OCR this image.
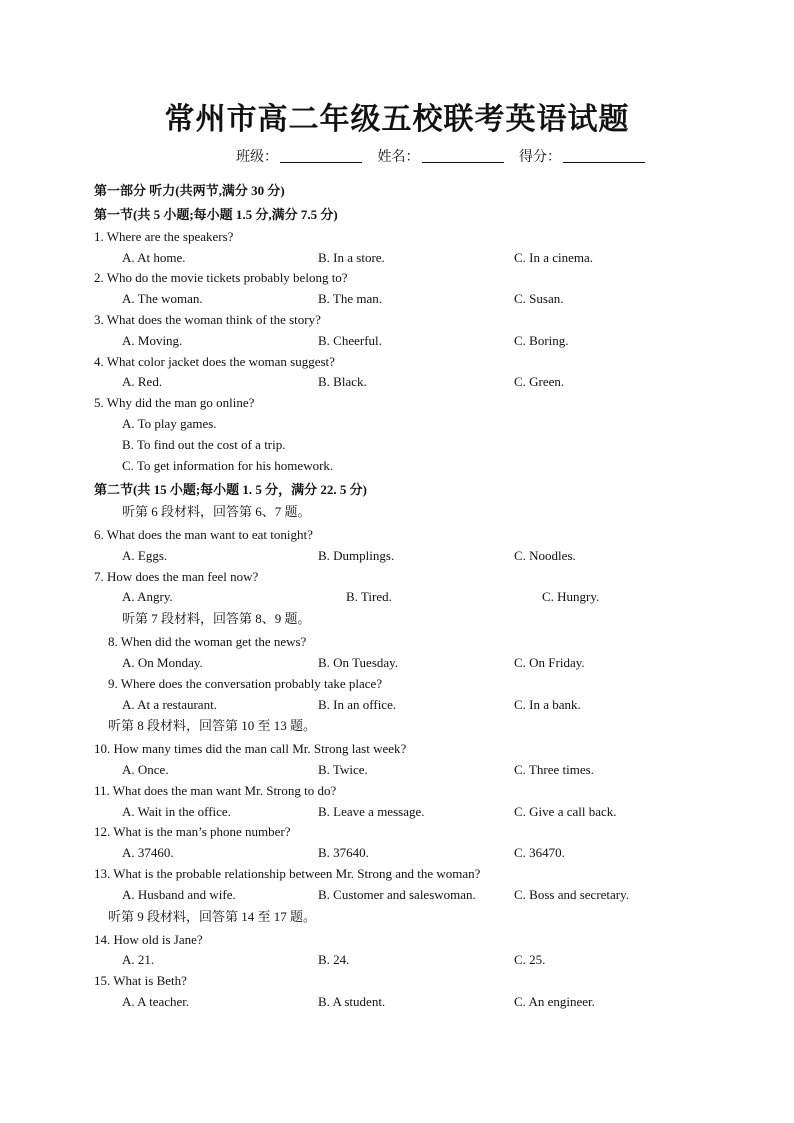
常州市高二年级五校联考英语试题
班级：	姓名：	得分：
第一部分 听力(共两节,满分 30 分)
第一节(共 5 小题;每小题 1.5 分,满分 7.5 分)
1. Where are the speakers?
A. At home.	B. In a store.	C. In a cinema.
2. Who do the movie tickets probably belong to?
A. The woman.	B. The man.	C. Susan.
3. What does the woman think of the story?
A. Moving.	B. Cheerful.	C. Boring.
4. What color jacket does the woman suggest?
A. Red.	B. Black.	C. Green.
5. Why did the man go online?
A. To play games.
B. To find out the cost of a trip.
C. To get information for his homework.
第二节(共 15 小题;每小题 1. 5 分，满分 22. 5 分)
听第 6 段材料，回答第 6、7 题。
6. What does the man want to eat tonight?
A. Eggs.	B. Dumplings.	C. Noodles.
7. How does the man feel now?
A. Angry.	B. Tired.	C. Hungry.
听第 7 段材料，回答第 8、9 题。
8. When did the woman get the news?
A. On Monday.	B. On Tuesday.	C. On Friday.
9. Where does the conversation probably take place?
A. At a restaurant.	B. In an office.	C. In a bank.
听第 8 段材料，回答第 10 至 13 题。
10. How many times did the man call Mr. Strong last week?
A. Once.	B. Twice.	C. Three times.
11. What does the man want Mr. Strong to do?
A. Wait in the office.	B. Leave a message.	C. Give a call back.
12. What is the man’s phone number?
A. 37460.	B. 37640.	C. 36470.
13. What is the probable relationship between Mr. Strong and the woman?
A. Husband and wife.	B. Customer and saleswoman.	C. Boss and secretary.
听第 9 段材料，回答第 14 至 17 题。
14. How old is Jane?
A. 21.	B. 24.	C. 25.
15. What is Beth?
A. A teacher.	B. A student.	C. An engineer.
